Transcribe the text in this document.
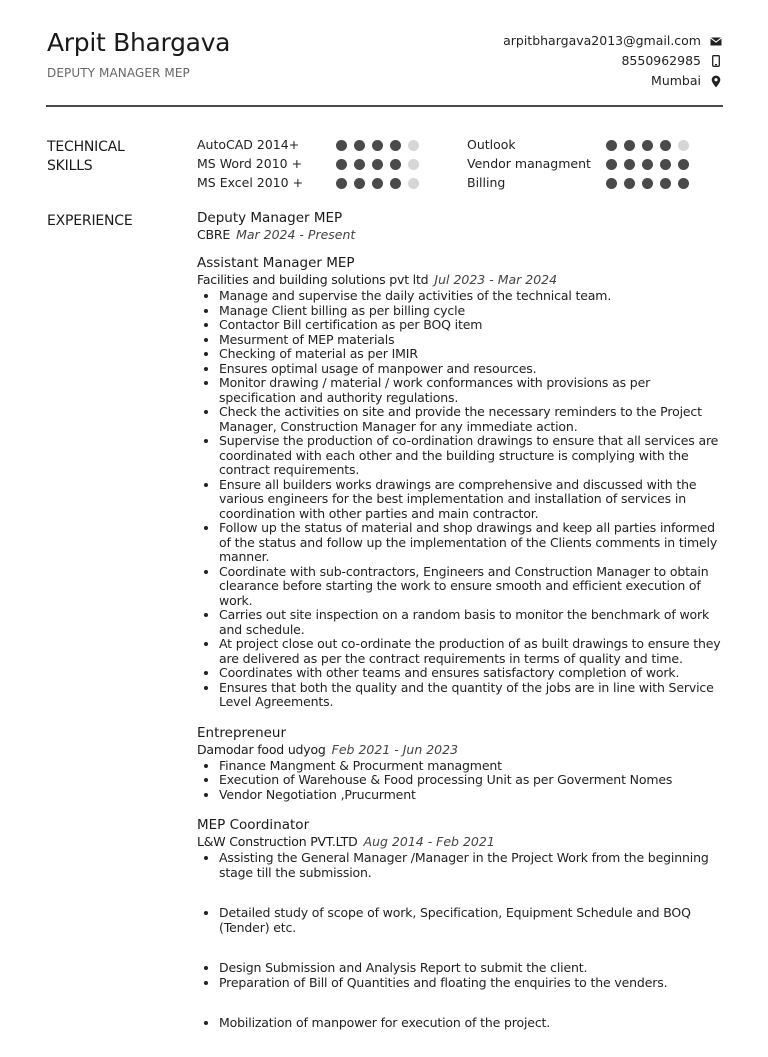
Arpit Bhargava
DEPUTY MANAGER MEP
arpitbhargava2013@gmail.com
8550962985
Mumbai
TECHNICAL SKILLS
AutoCAD 2014+
MS Word 2010 +
MS Excel 2010 +
Outlook
Vendor managment
Billing
EXPERIENCE	Deputy Manager MEP
CBRE Mar 2024 - Present
Assistant Manager MEP
Facilities and building solutions pvt ltd Jul 2023 - Mar 2024
• Manage and supervise the daily activities of the technical team.
• Manage Client billing as per billing cycle
• Contactor Bill certification as per BOQ item
• Mesurment of MEP materials
• Checking of material as per IMIR
• Ensures optimal usage of manpower and resources.
• Monitor drawing / material / work conformances with provisions as per specification and authority regulations.
• Check the activities on site and provide the necessary reminders to the Project Manager, Construction Manager for any immediate action.
• Supervise the production of co-ordination drawings to ensure that all services are coordinated with each other and the building structure is complying with the contract requirements.
• Ensure all builders works drawings are comprehensive and discussed with the various engineers for the best implementation and installation of services in coordination with other parties and main contractor.
• Follow up the status of material and shop drawings and keep all parties informed of the status and follow up the implementation of the Clients comments in timely manner.
• Coordinate with sub-contractors, Engineers and Construction Manager to obtain clearance before starting the work to ensure smooth and efficient execution of work.
• Carries out site inspection on a random basis to monitor the benchmark of work and schedule.
• At project close out co-ordinate the production of as built drawings to ensure they are delivered as per the contract requirements in terms of quality and time.
• Coordinates with other teams and ensures satisfactory completion of work.
• Ensures that both the quality and the quantity of the jobs are in line with Service Level Agreements.
Entrepreneur
Damodar food udyog Feb 2021 - Jun 2023
• Finance Mangment & Procurment managment
• Execution of Warehouse & Food processing Unit as per Goverment Nomes
• Vendor Negotiation ,Prucurment
MEP Coordinator
L&W Construction PVT.LTD Aug 2014 - Feb 2021
• Assisting the General Manager /Manager in the Project Work from the beginning stage till the submission.
• Detailed study of scope of work, Specification, Equipment Schedule and BOQ (Tender) etc.
• Design Submission and Analysis Report to submit the client.
• Preparation of Bill of Quantities and floating the enquiries to the venders.
• Mobilization of manpower for execution of the project.
